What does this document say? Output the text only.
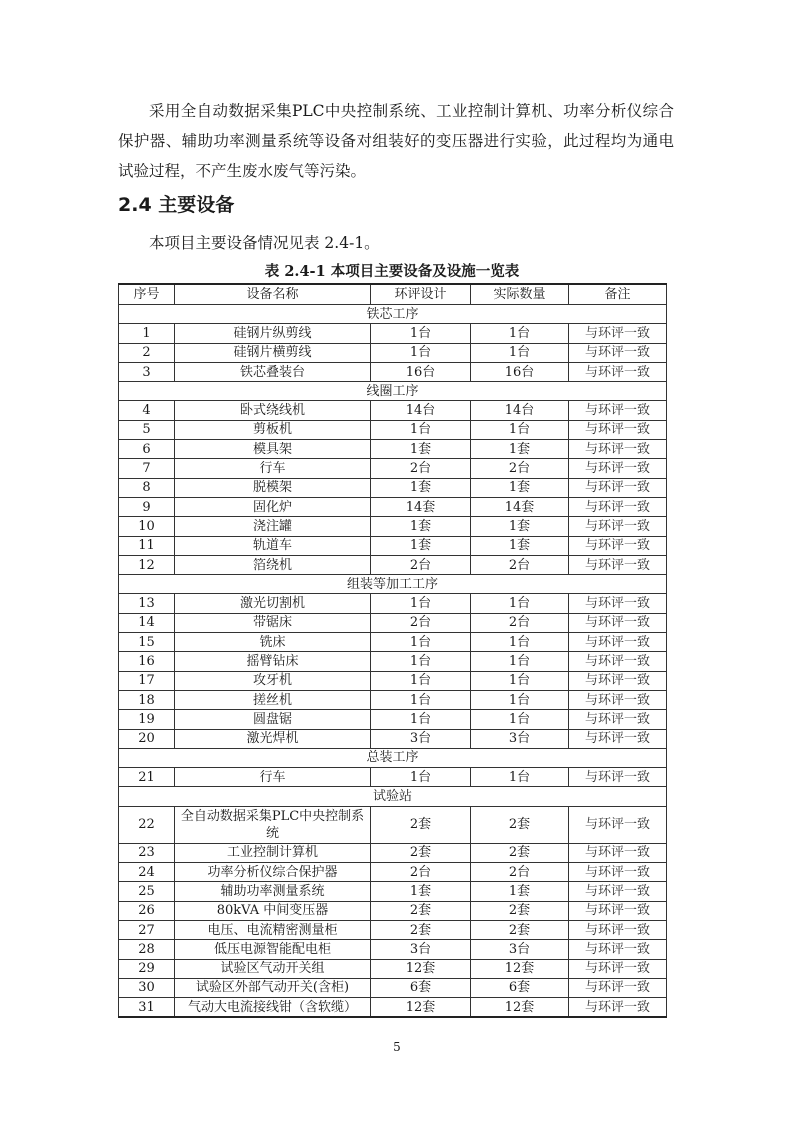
采用全自动数据采集PLC中央控制系统、工业控制计算机、功率分析仪综合保护器、辅助功率测量系统等设备对组装好的变压器进行实验，此过程均为通电试验过程，不产生废水废气等污染。

2.4 主要设备

本项目主要设备情况见表 2.4-1。

表 2.4-1 本项目主要设备及设施一览表

序号	设备名称	环评设计	实际数量	备注
铁芯工序				
1	硅钢片纵剪线	1台	1台	与环评一致
2	硅钢片横剪线	1台	1台	与环评一致
3	铁芯叠装台	16台	16台	与环评一致
线圈工序				
4	卧式绕线机	14台	14台	与环评一致
5	剪板机	1台	1台	与环评一致
6	模具架	1套	1套	与环评一致
7	行车	2台	2台	与环评一致
8	脱模架	1套	1套	与环评一致
9	固化炉	14套	14套	与环评一致
10	浇注罐	1套	1套	与环评一致
11	轨道车	1套	1套	与环评一致
12	箔绕机	2台	2台	与环评一致
组装等加工工序				
13	激光切割机	1台	1台	与环评一致
14	带锯床	2台	2台	与环评一致
15	铣床	1台	1台	与环评一致
16	摇臂钻床	1台	1台	与环评一致
17	攻牙机	1台	1台	与环评一致
18	搓丝机	1台	1台	与环评一致
19	圆盘锯	1台	1台	与环评一致
20	激光焊机	3台	3台	与环评一致
总装工序				
21	行车	1台	1台	与环评一致
试验站				
22	全自动数据采集PLC中央控制系统	2套	2套	与环评一致
23	工业控制计算机	2套	2套	与环评一致
24	功率分析仪综合保护器	2台	2台	与环评一致
25	辅助功率测量系统	1套	1套	与环评一致
26	80kVA 中间变压器	2套	2套	与环评一致
27	电压、电流精密测量柜	2套	2套	与环评一致
28	低压电源智能配电柜	3台	3台	与环评一致
29	试验区气动开关组	12套	12套	与环评一致
30	试验区外部气动开关(含柜)	6套	6套	与环评一致
31	气动大电流接线钳（含软缆）	12套	12套	与环评一致
5
